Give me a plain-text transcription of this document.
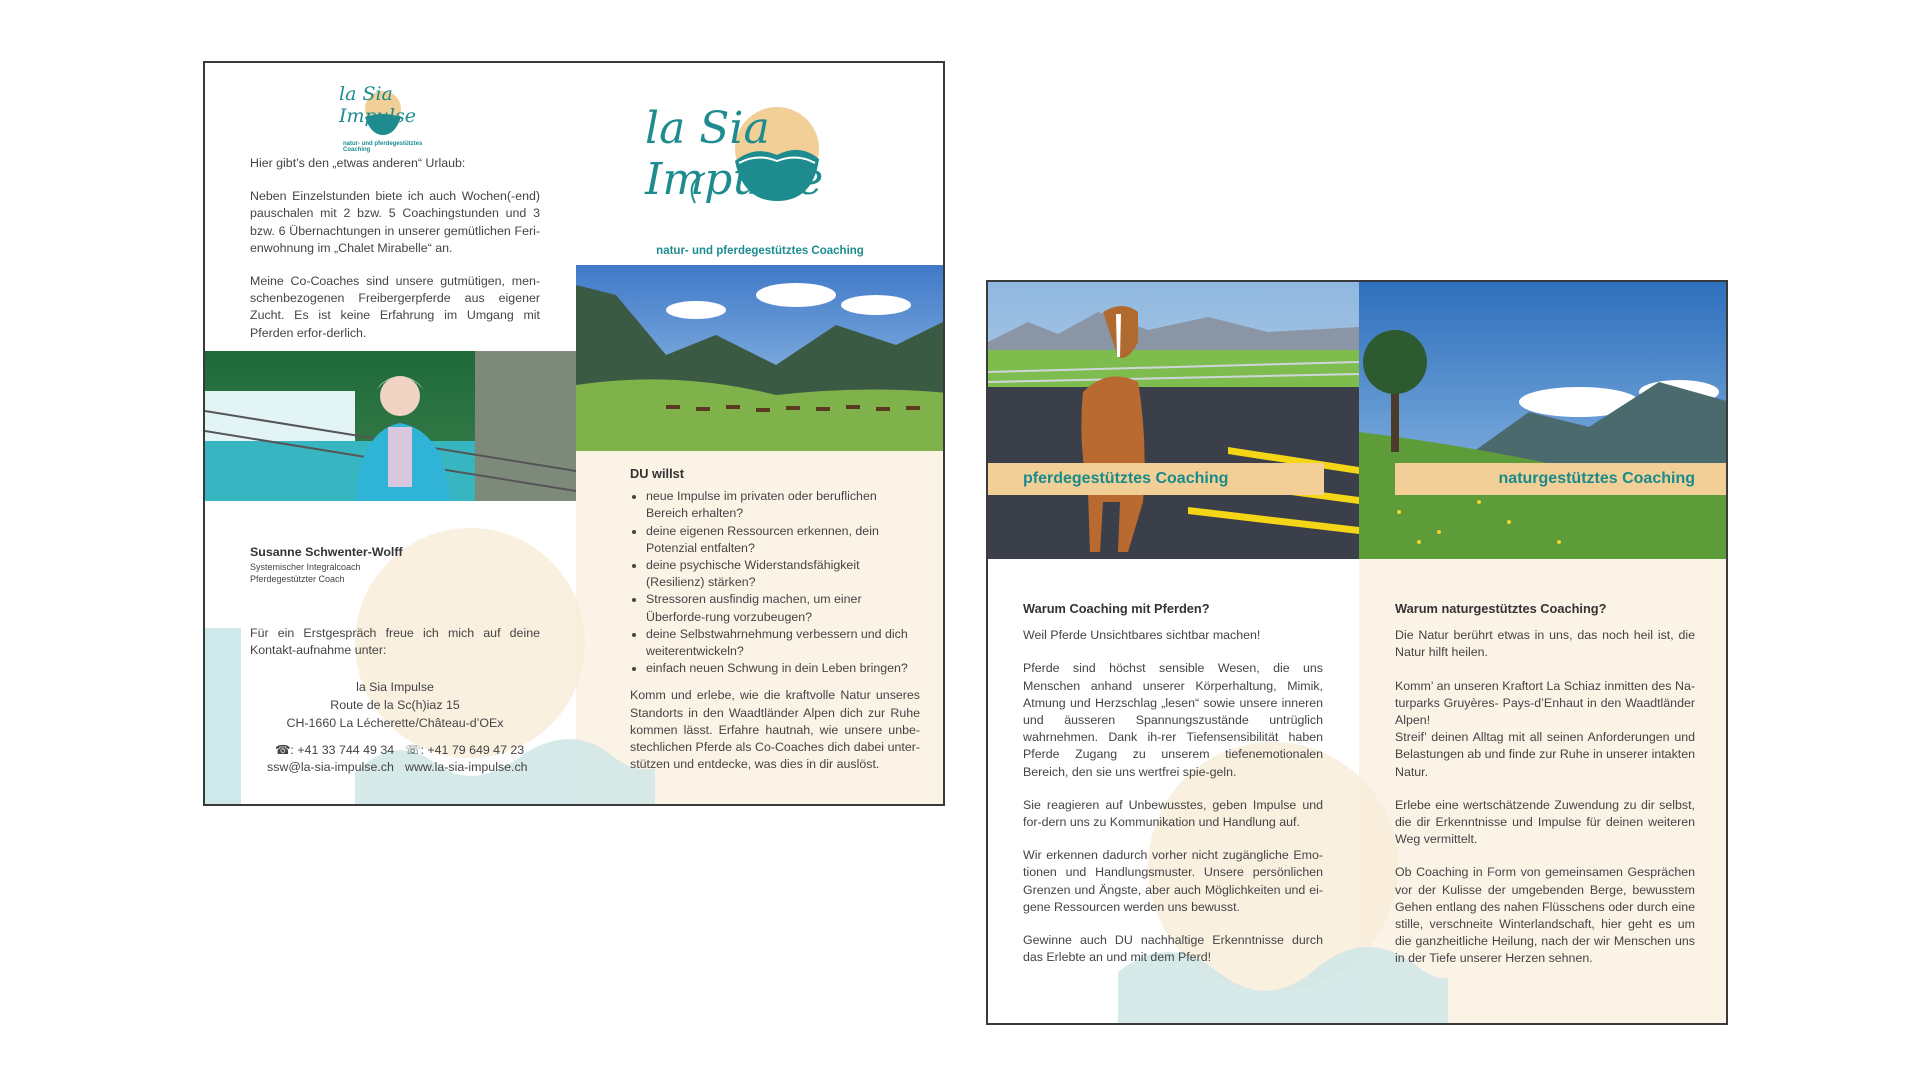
la Sia Impulse
natur- und pferdegestütztes Coaching	la Sia Impulse
natur- und pferdegestütztes Coaching

Hier gibt’s den „etwas anderen“ Urlaub:

Neben Einzelstunden biete ich auch Wochen(-end) pauschalen mit 2 bzw. 5 Coachingstunden und 3 bzw. 6 Übernachtungen in unserer gemütlichen Feri-enwohnung im „Chalet Mirabelle“ an.

Meine Co-Coaches sind unsere gutmütigen, men-schenbezogenen Freibergerpferde aus eigener Zucht. Es ist keine Erfahrung im Umgang mit Pferden erfor-derlich.

Susanne Schwenter-Wolff
Systemischer Integralcoach
Pferdegestützter Coach
Für ein Erstgespräch freue ich mich auf deine Kontakt-aufnahme unter:
la Sia Impulse
Route de la Sc(h)iaz 15
CH-1660 La Lécherette/Château-d’OEx
☎: +41 33 744 49 34 ☏: +41 79 649 47 23
ssw@la-sia-impulse.ch www.la-sia-impulse.ch
DU willst
• neue Impulse im privaten oder beruflichen Bereich erhalten?
• deine eigenen Ressourcen erkennen, dein Potenzial entfalten?
• deine psychische Widerstandsfähigkeit (Resilienz) stärken?
• Stressoren ausfindig machen, um einer Überforde-rung vorzubeugen?
• deine Selbstwahrnehmung verbessern und dich weiterentwickeln?
• einfach neuen Schwung in dein Leben bringen?

Komm und erlebe, wie die kraftvolle Natur unseres Standorts in den Waadtländer Alpen dich zur Ruhe kommen lässt. Erfahre hautnah, wie unsere unbe-stechlichen Pferde als Co-Coaches dich dabei unter-stützen und entdecke, was dies in dir auslöst.

pferdegestütztes Coaching	naturgestütztes Coaching

Warum Coaching mit Pferden?

Weil Pferde Unsichtbares sichtbar machen!

Pferde sind höchst sensible Wesen, die uns Menschen anhand unserer Körperhaltung, Mimik, Atmung und Herzschlag „lesen“ sowie unsere inneren und äusseren Spannungszustände untrüglich wahrnehmen. Dank ih-rer Tiefensensibilität haben Pferde Zugang zu unserem tiefenemotionalen Bereich, den sie uns wertfrei spie-geln.

Sie reagieren auf Unbewusstes, geben Impulse und for-dern uns zu Kommunikation und Handlung auf.

Wir erkennen dadurch vorher nicht zugängliche Emo-tionen und Handlungsmuster. Unsere persönlichen Grenzen und Ängste, aber auch Möglichkeiten und ei-gene Ressourcen werden uns bewusst.

Gewinne auch DU nachhaltige Erkenntnisse durch das Erlebte an und mit dem Pferd!

Warum naturgestütztes Coaching?

Die Natur berührt etwas in uns, das noch heil ist, die Natur hilft heilen.

Komm’ an unseren Kraftort La Schiaz inmitten des Na-turparks Gruyères- Pays-d’Enhaut in den Waadtländer Alpen!

Streif’ deinen Alltag mit all seinen Anforderungen und Belastungen ab und finde zur Ruhe in unserer intakten Natur.

Erlebe eine wertschätzende Zuwendung zu dir selbst, die dir Erkenntnisse und Impulse für deinen weiteren Weg vermittelt.

Ob Coaching in Form von gemeinsamen Gesprächen vor der Kulisse der umgebenden Berge, bewusstem Gehen entlang des nahen Flüsschens oder durch eine stille, verschneite Winterlandschaft, hier geht es um die ganzheitliche Heilung, nach der wir Menschen uns in der Tiefe unserer Herzen sehnen.
